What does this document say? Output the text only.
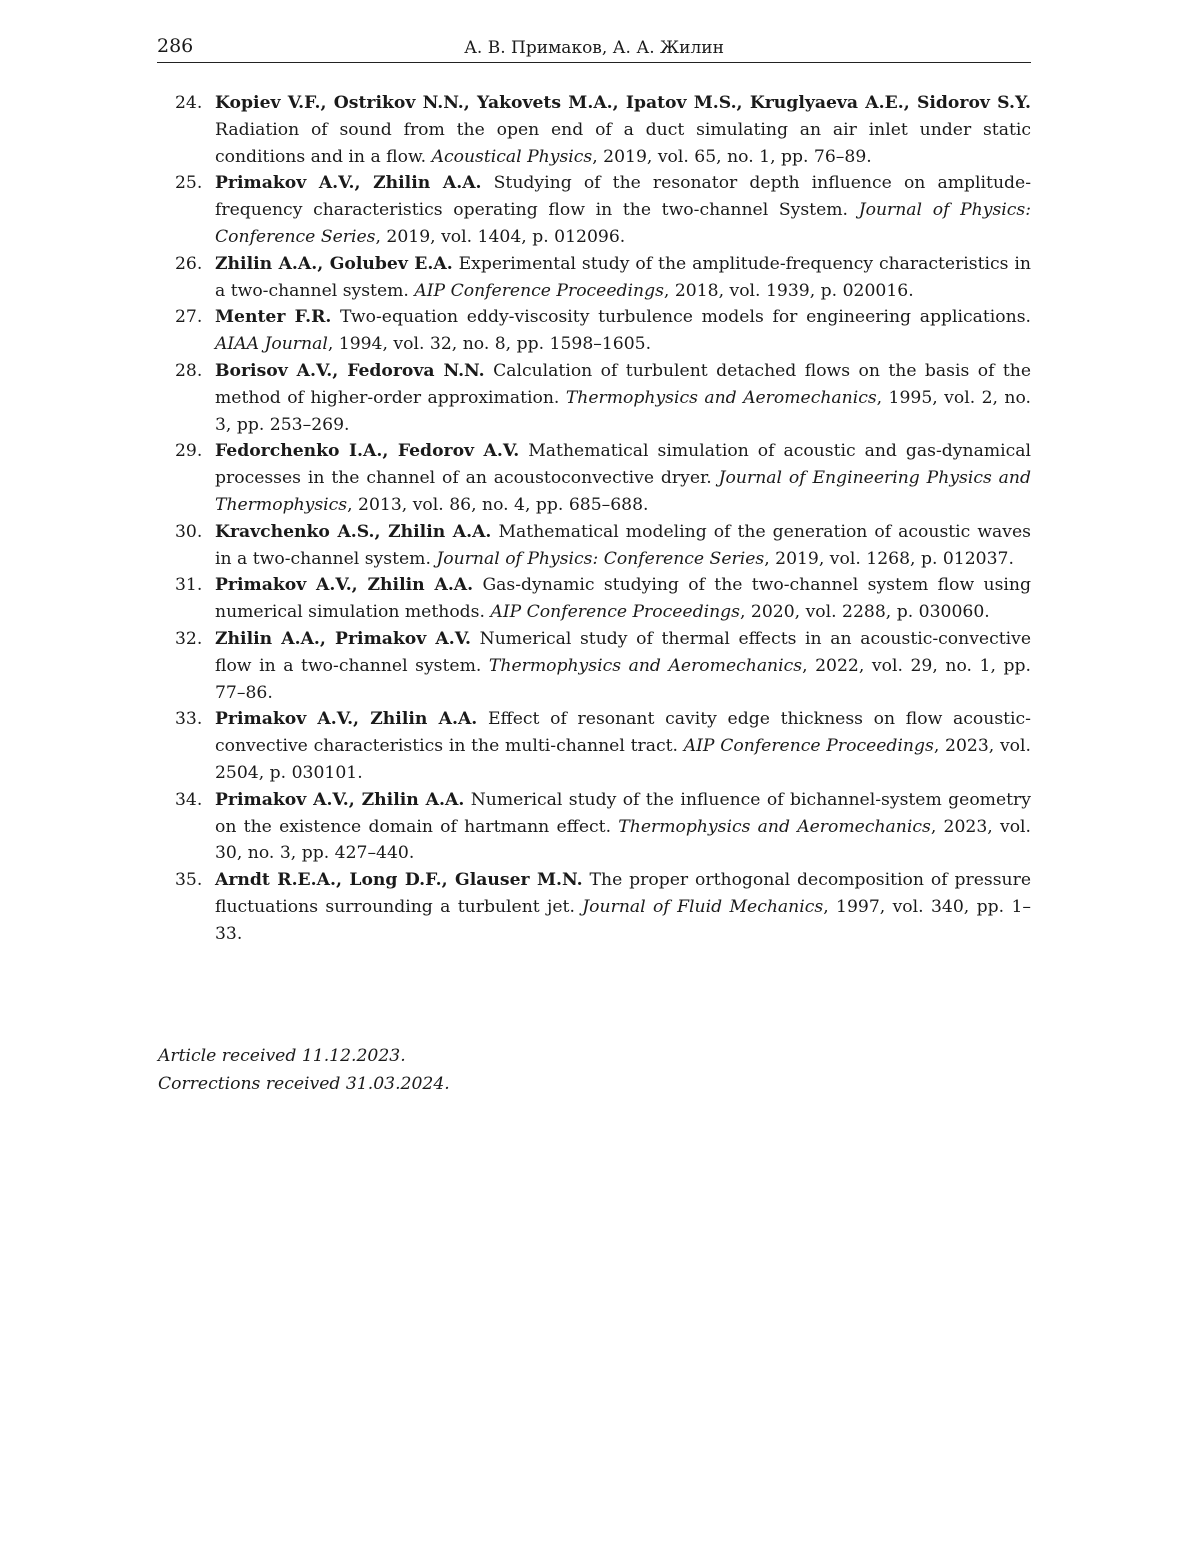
286	А. В. Примаков, А. А. Жилин
24. Kopiev V.F., Ostrikov N.N., Yakovets M.A., Ipatov M.S., Kruglyaeva A.E., Sidorov S.Y. Radiation of sound from the open end of a duct simulating an air inlet under static conditions and in a flow. Acoustical Physics, 2019, vol. 65, no. 1, pp. 76–89.
25. Primakov A.V., Zhilin A.A. Studying of the resonator depth influence on amplitude-frequency characteristics operating flow in the two-channel System. Journal of Physics: Conference Series, 2019, vol. 1404, p. 012096.
26. Zhilin A.A., Golubev E.A. Experimental study of the amplitude-frequency characteristics in a two-channel system. AIP Conference Proceedings, 2018, vol. 1939, p. 020016.
27. Menter F.R. Two-equation eddy-viscosity turbulence models for engineering applications. AIAA Journal, 1994, vol. 32, no. 8, pp. 1598–1605.
28. Borisov A.V., Fedorova N.N. Calculation of turbulent detached flows on the basis of the method of higher-order approximation. Thermophysics and Aeromechanics, 1995, vol. 2, no. 3, pp. 253–269.
29. Fedorchenko I.A., Fedorov A.V. Mathematical simulation of acoustic and gas-dynamical processes in the channel of an acoustoconvective dryer. Journal of Engineering Physics and Thermophysics, 2013, vol. 86, no. 4, pp. 685–688.
30. Kravchenko A.S., Zhilin A.A. Mathematical modeling of the generation of acoustic waves in a two-channel system. Journal of Physics: Conference Series, 2019, vol. 1268, p. 012037.
31. Primakov A.V., Zhilin A.A. Gas-dynamic studying of the two-channel system flow using numerical simulation methods. AIP Conference Proceedings, 2020, vol. 2288, p. 030060.
32. Zhilin A.A., Primakov A.V. Numerical study of thermal effects in an acoustic-convective flow in a two-channel system. Thermophysics and Aeromechanics, 2022, vol. 29, no. 1, pp. 77–86.
33. Primakov A.V., Zhilin A.A. Effect of resonant cavity edge thickness on flow acoustic-convective characteristics in the multi-channel tract. AIP Conference Proceedings, 2023, vol. 2504, p. 030101.
34. Primakov A.V., Zhilin A.A. Numerical study of the influence of bichannel-system geometry on the existence domain of hartmann effect. Thermophysics and Aeromechanics, 2023, vol. 30, no. 3, pp. 427–440.
35. Arndt R.E.A., Long D.F., Glauser M.N. The proper orthogonal decomposition of pressure fluctuations surrounding a turbulent jet. Journal of Fluid Mechanics, 1997, vol. 340, pp. 1–33.
Article received 11.12.2023.
Corrections received 31.03.2024.
